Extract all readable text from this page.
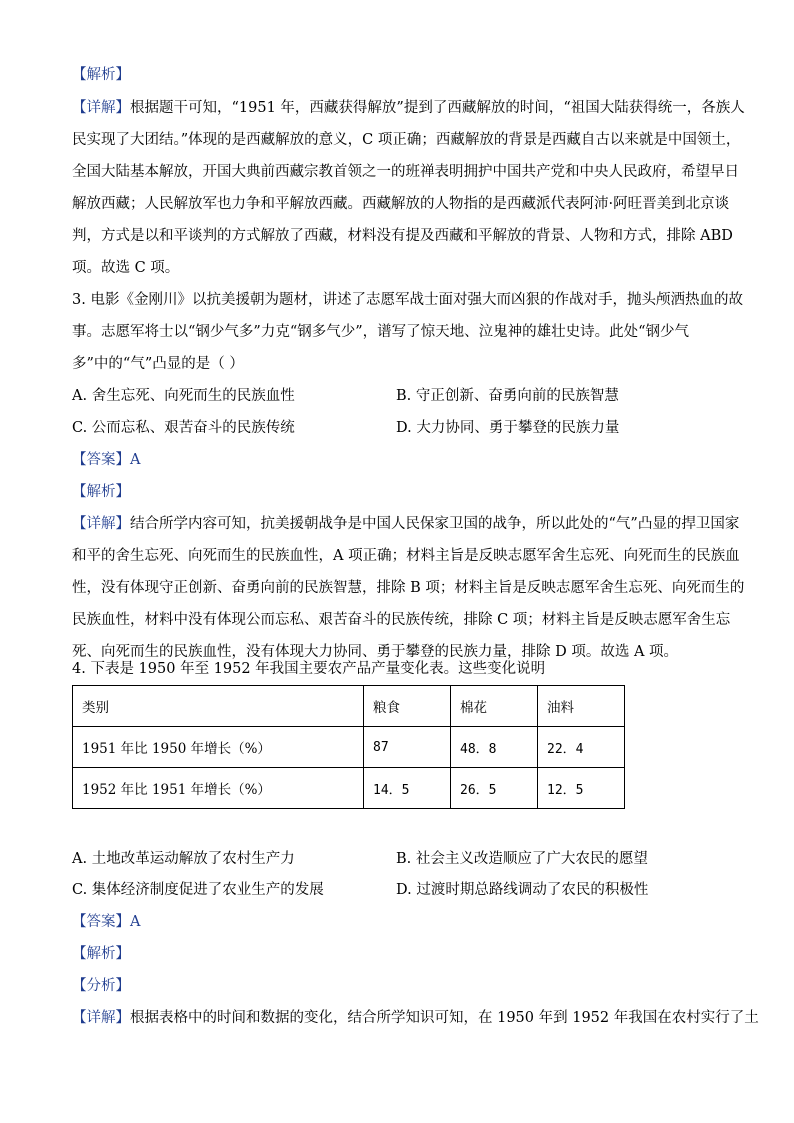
【解析】
【详解】根据题干可知，“1951 年，西藏获得解放”提到了西藏解放的时间，“祖国大陆获得统一，各族人
民实现了大团结。”体现的是西藏解放的意义，C 项正确；西藏解放的背景是西藏自古以来就是中国领土，
全国大陆基本解放，开国大典前西藏宗教首领之一的班禅表明拥护中国共产党和中央人民政府，希望早日
解放西藏；人民解放军也力争和平解放西藏。西藏解放的人物指的是西藏派代表阿沛·阿旺晋美到北京谈
判，方式是以和平谈判的方式解放了西藏，材料没有提及西藏和平解放的背景、人物和方式，排除 ABD
项。故选 C 项。
3. 电影《金刚川》以抗美援朝为题材，讲述了志愿军战士面对强大而凶狠的作战对手，抛头颅洒热血的故
事。志愿军将士以“钢少气多”力克“钢多气少”，谱写了惊天地、泣鬼神的雄壮史诗。此处“钢少气
多”中的“气”凸显的是（ ）
A. 舍生忘死、向死而生的民族血性	B. 守正创新、奋勇向前的民族智慧
C. 公而忘私、艰苦奋斗的民族传统	D. 大力协同、勇于攀登的民族力量
【答案】A
【解析】
【详解】结合所学内容可知，抗美援朝战争是中国人民保家卫国的战争，所以此处的“气”凸显的捍卫国家
和平的舍生忘死、向死而生的民族血性，A 项正确；材料主旨是反映志愿军舍生忘死、向死而生的民族血
性，没有体现守正创新、奋勇向前的民族智慧，排除 B 项；材料主旨是反映志愿军舍生忘死、向死而生的
民族血性，材料中没有体现公而忘私、艰苦奋斗的民族传统，排除 C 项；材料主旨是反映志愿军舍生忘
死、向死而生的民族血性，没有体现大力协同、勇于攀登的民族力量，排除 D 项。故选 A 项。
4. 下表是 1950 年至 1952 年我国主要农产品产量变化表。这些变化说明
类别	粮食	棉花	油料
1951 年比 1950 年增长（%）	87	48．8	22．4
1952 年比 1951 年增长（%）	14．5	26．5	12．5
A. 土地改革运动解放了农村生产力	B. 社会主义改造顺应了广大农民的愿望
C. 集体经济制度促进了农业生产的发展	D. 过渡时期总路线调动了农民的积极性
【答案】A
【解析】
【分析】
【详解】根据表格中的时间和数据的变化，结合所学知识可知，在 1950 年到 1952 年我国在农村实行了土
